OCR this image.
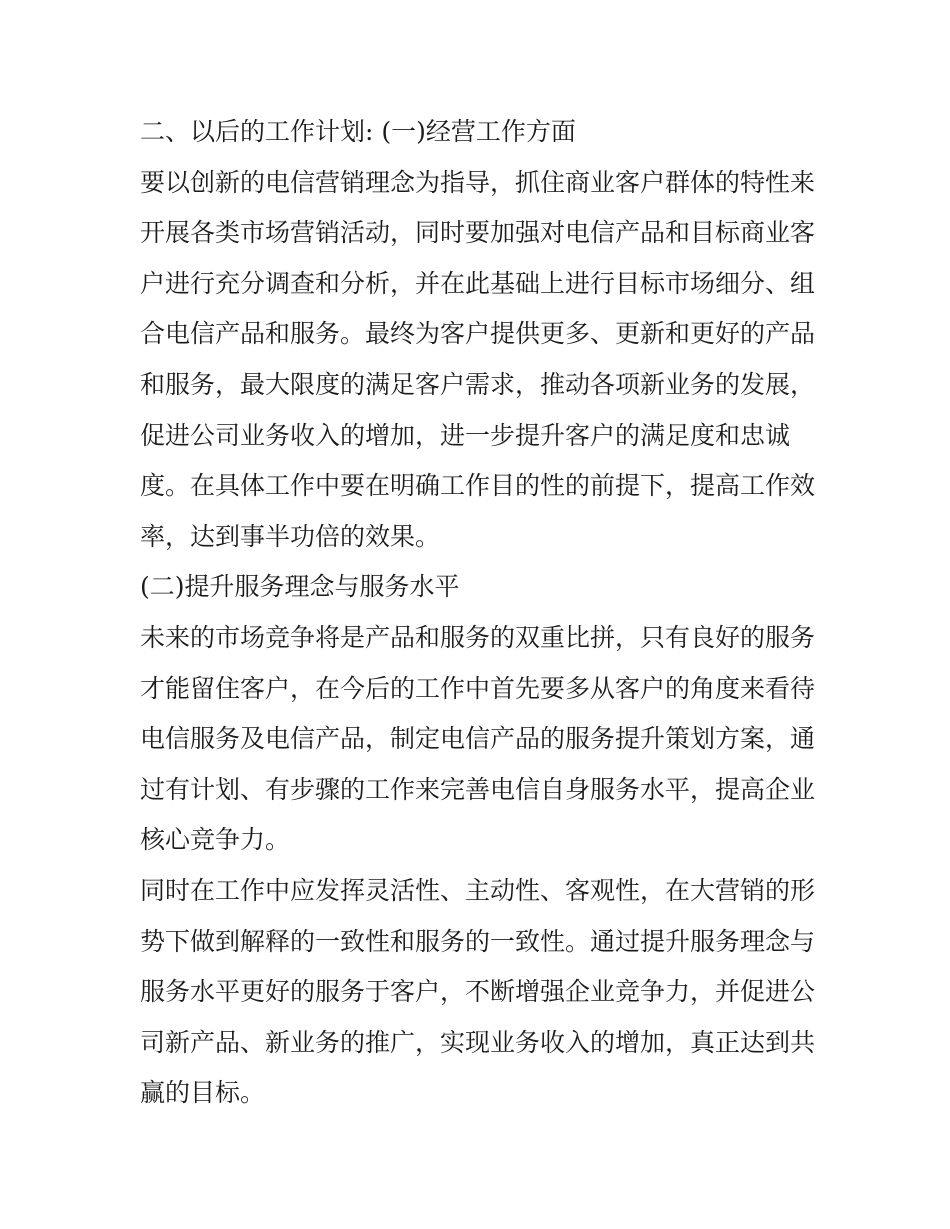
二、以后的工作计划: (一)经营工作方面
要以创新的电信营销理念为指导，抓住商业客户群体的特性来
开展各类市场营销活动，同时要加强对电信产品和目标商业客
户进行充分调查和分析，并在此基础上进行目标市场细分、组
合电信产品和服务。最终为客户提供更多、更新和更好的产品
和服务，最大限度的满足客户需求，推动各项新业务的发展，
促进公司业务收入的增加，进一步提升客户的满足度和忠诚
度。在具体工作中要在明确工作目的性的前提下，提高工作效
率，达到事半功倍的效果。
(二)提升服务理念与服务水平
未来的市场竞争将是产品和服务的双重比拼，只有良好的服务
才能留住客户，在今后的工作中首先要多从客户的角度来看待
电信服务及电信产品，制定电信产品的服务提升策划方案，通
过有计划、有步骤的工作来完善电信自身服务水平，提高企业
核心竞争力。
同时在工作中应发挥灵活性、主动性、客观性，在大营销的形
势下做到解释的一致性和服务的一致性。通过提升服务理念与
服务水平更好的服务于客户，不断增强企业竞争力，并促进公
司新产品、新业务的推广，实现业务收入的增加，真正达到共
赢的目标。
